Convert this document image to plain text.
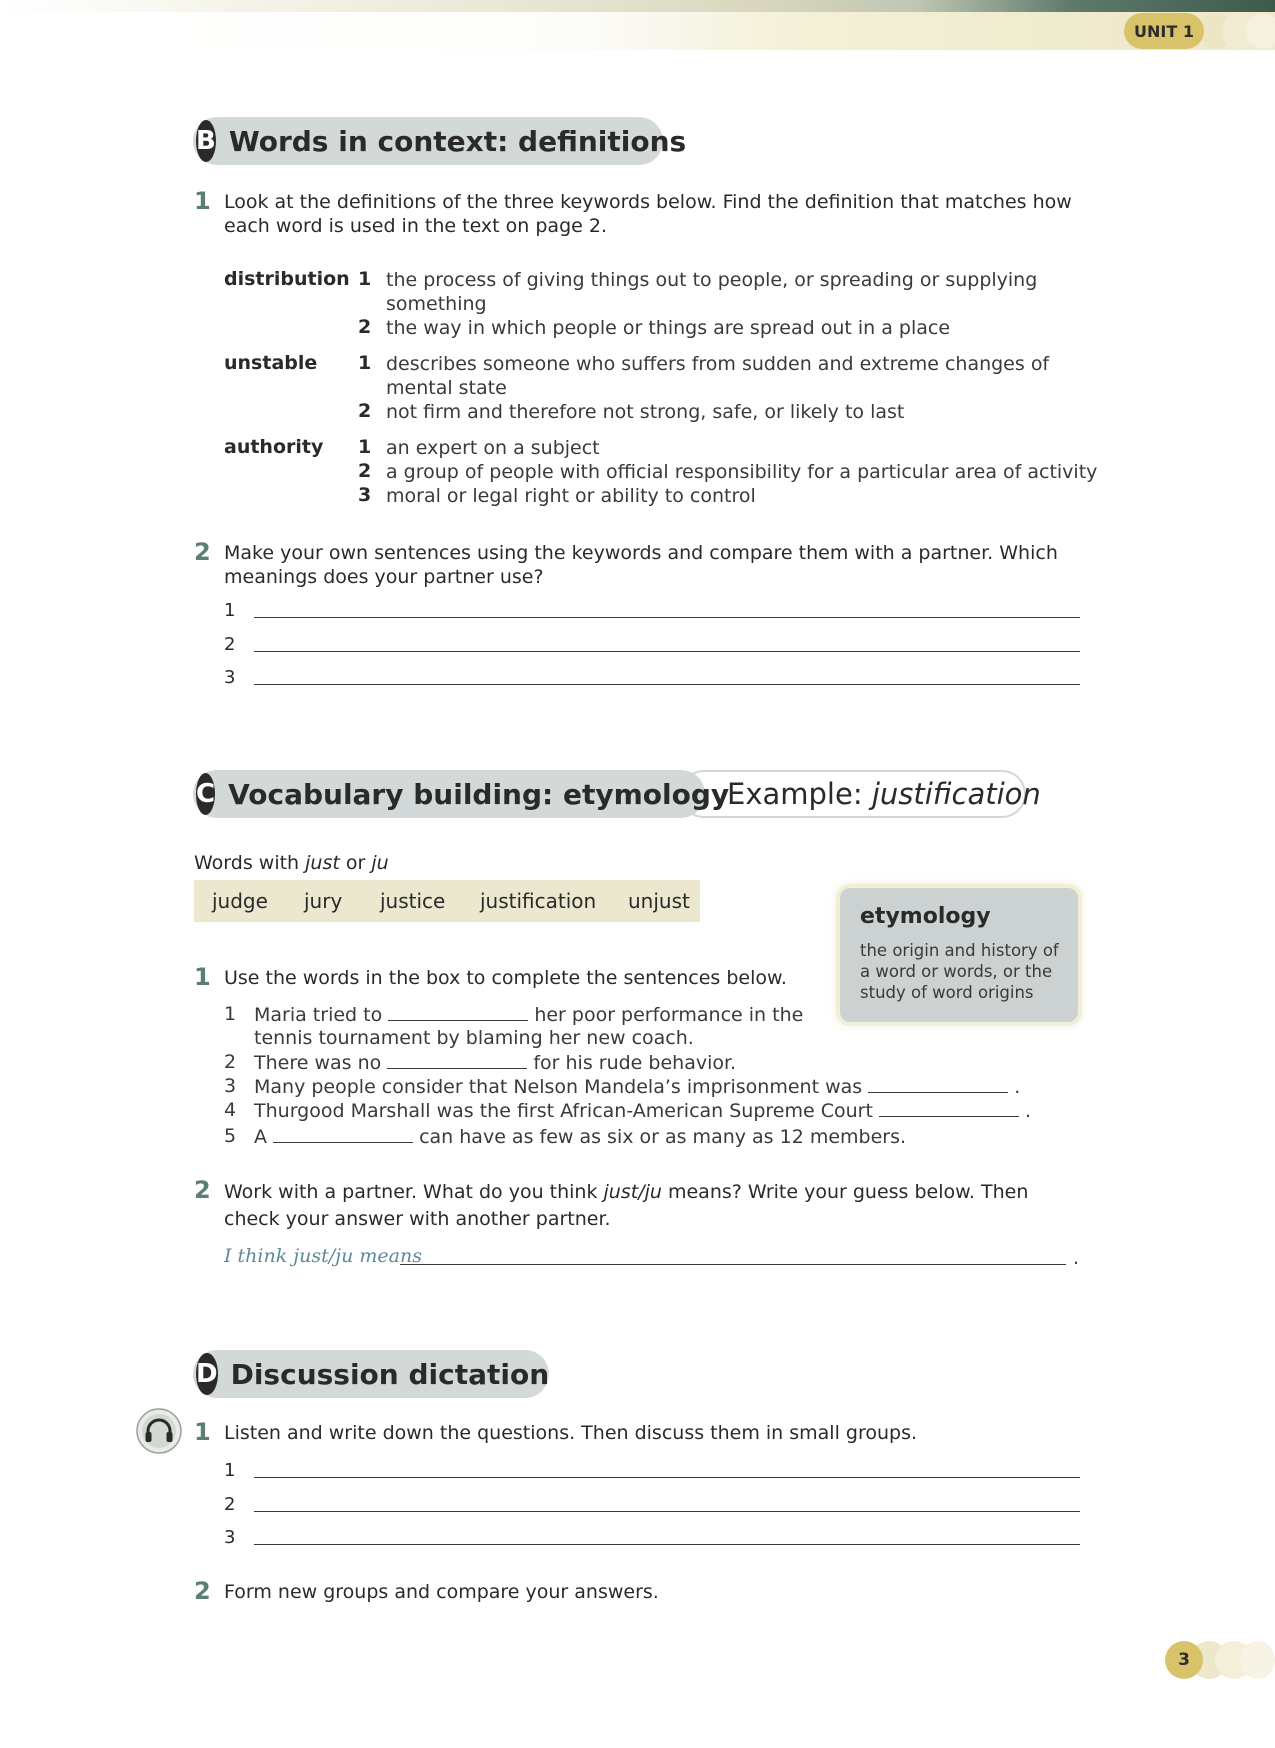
UNIT 1
B Words in context: definitions
1 Look at the definitions of the three keywords below. Find the definition that matches how
each word is used in the text on page 2.
distribution 1 the process of giving things out to people, or spreading or supplying
something
2 the way in which people or things are spread out in a place
unstable 1 describes someone who suffers from sudden and extreme changes of
mental state
2 not firm and therefore not strong, safe, or likely to last
authority 1 an expert on a subject
2 a group of people with official responsibility for a particular area of activity
3 moral or legal right or ability to control
2 Make your own sentences using the keywords and compare them with a partner. Which
meanings does your partner use?
1
2
3
Example: justification
C Vocabulary building: etymology
Words with just or ju
judge jury justice justification unjust
etymology
the origin and history of a word or words, or the study of word origins
1 Use the words in the box to complete the sentences below.
1 Maria tried to	her poor performance in the
tennis tournament by blaming her new coach.
2 There was no	for his rude behavior.
3 Many people consider that Nelson Mandela’s imprisonment was	.
4 Thurgood Marshall was the first African-American Supreme Court	.
5 A	can have as few as six or as many as 12 members.
2 Work with a partner. What do you think just/ju means? Write your guess below. Then
check your answer with another partner.
I think just/ju means	.
D Discussion dictation
1 Listen and write down the questions. Then discuss them in small groups.
1
2
3
2 Form new groups and compare your answers.
3
